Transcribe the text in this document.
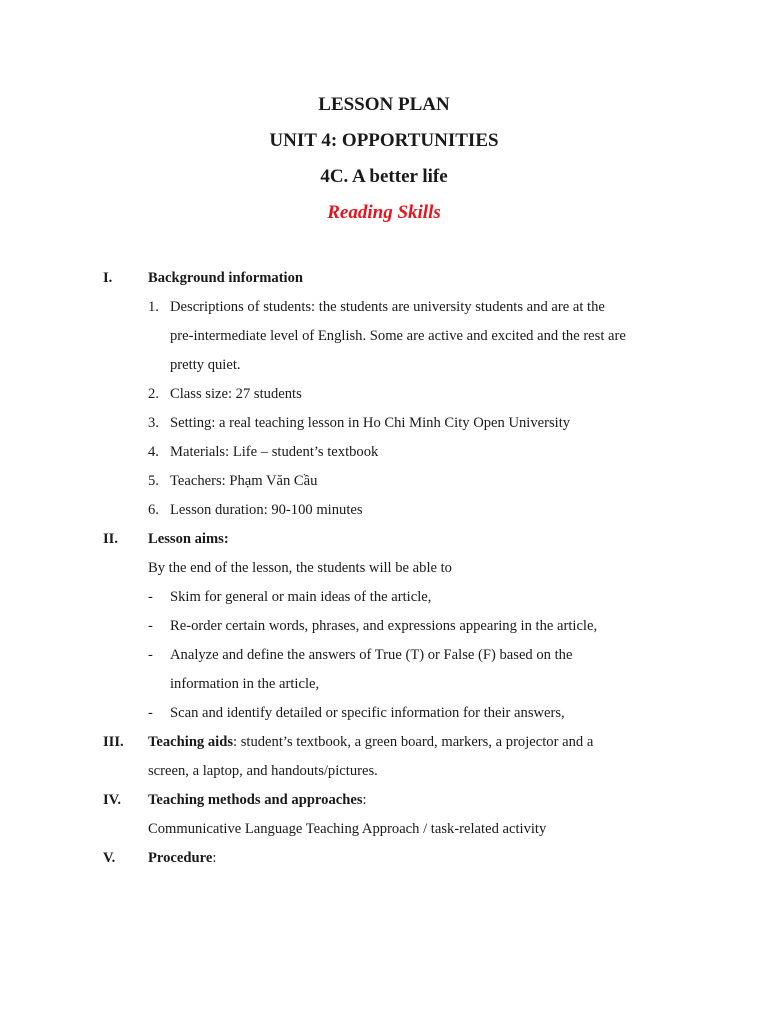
LESSON PLAN
UNIT 4: OPPORTUNITIES
4C. A better life
Reading Skills
I. Background information
1. Descriptions of students: the students are university students and are at the
pre-intermediate level of English. Some are active and excited and the rest are
pretty quiet.
2. Class size: 27 students
3. Setting: a real teaching lesson in Ho Chi Minh City Open University
4. Materials: Life – student’s textbook
5. Teachers: Phạm Văn Cầu
6. Lesson duration: 90-100 minutes
II. Lesson aims:
By the end of the lesson, the students will be able to
- Skim for general or main ideas of the article,
- Re-order certain words, phrases, and expressions appearing in the article,
- Analyze and define the answers of True (T) or False (F) based on the
information in the article,
- Scan and identify detailed or specific information for their answers,
III. Teaching aids: student’s textbook, a green board, markers, a projector and a
screen, a laptop, and handouts/pictures.
IV. Teaching methods and approaches:
Communicative Language Teaching Approach / task-related activity
V. Procedure:
